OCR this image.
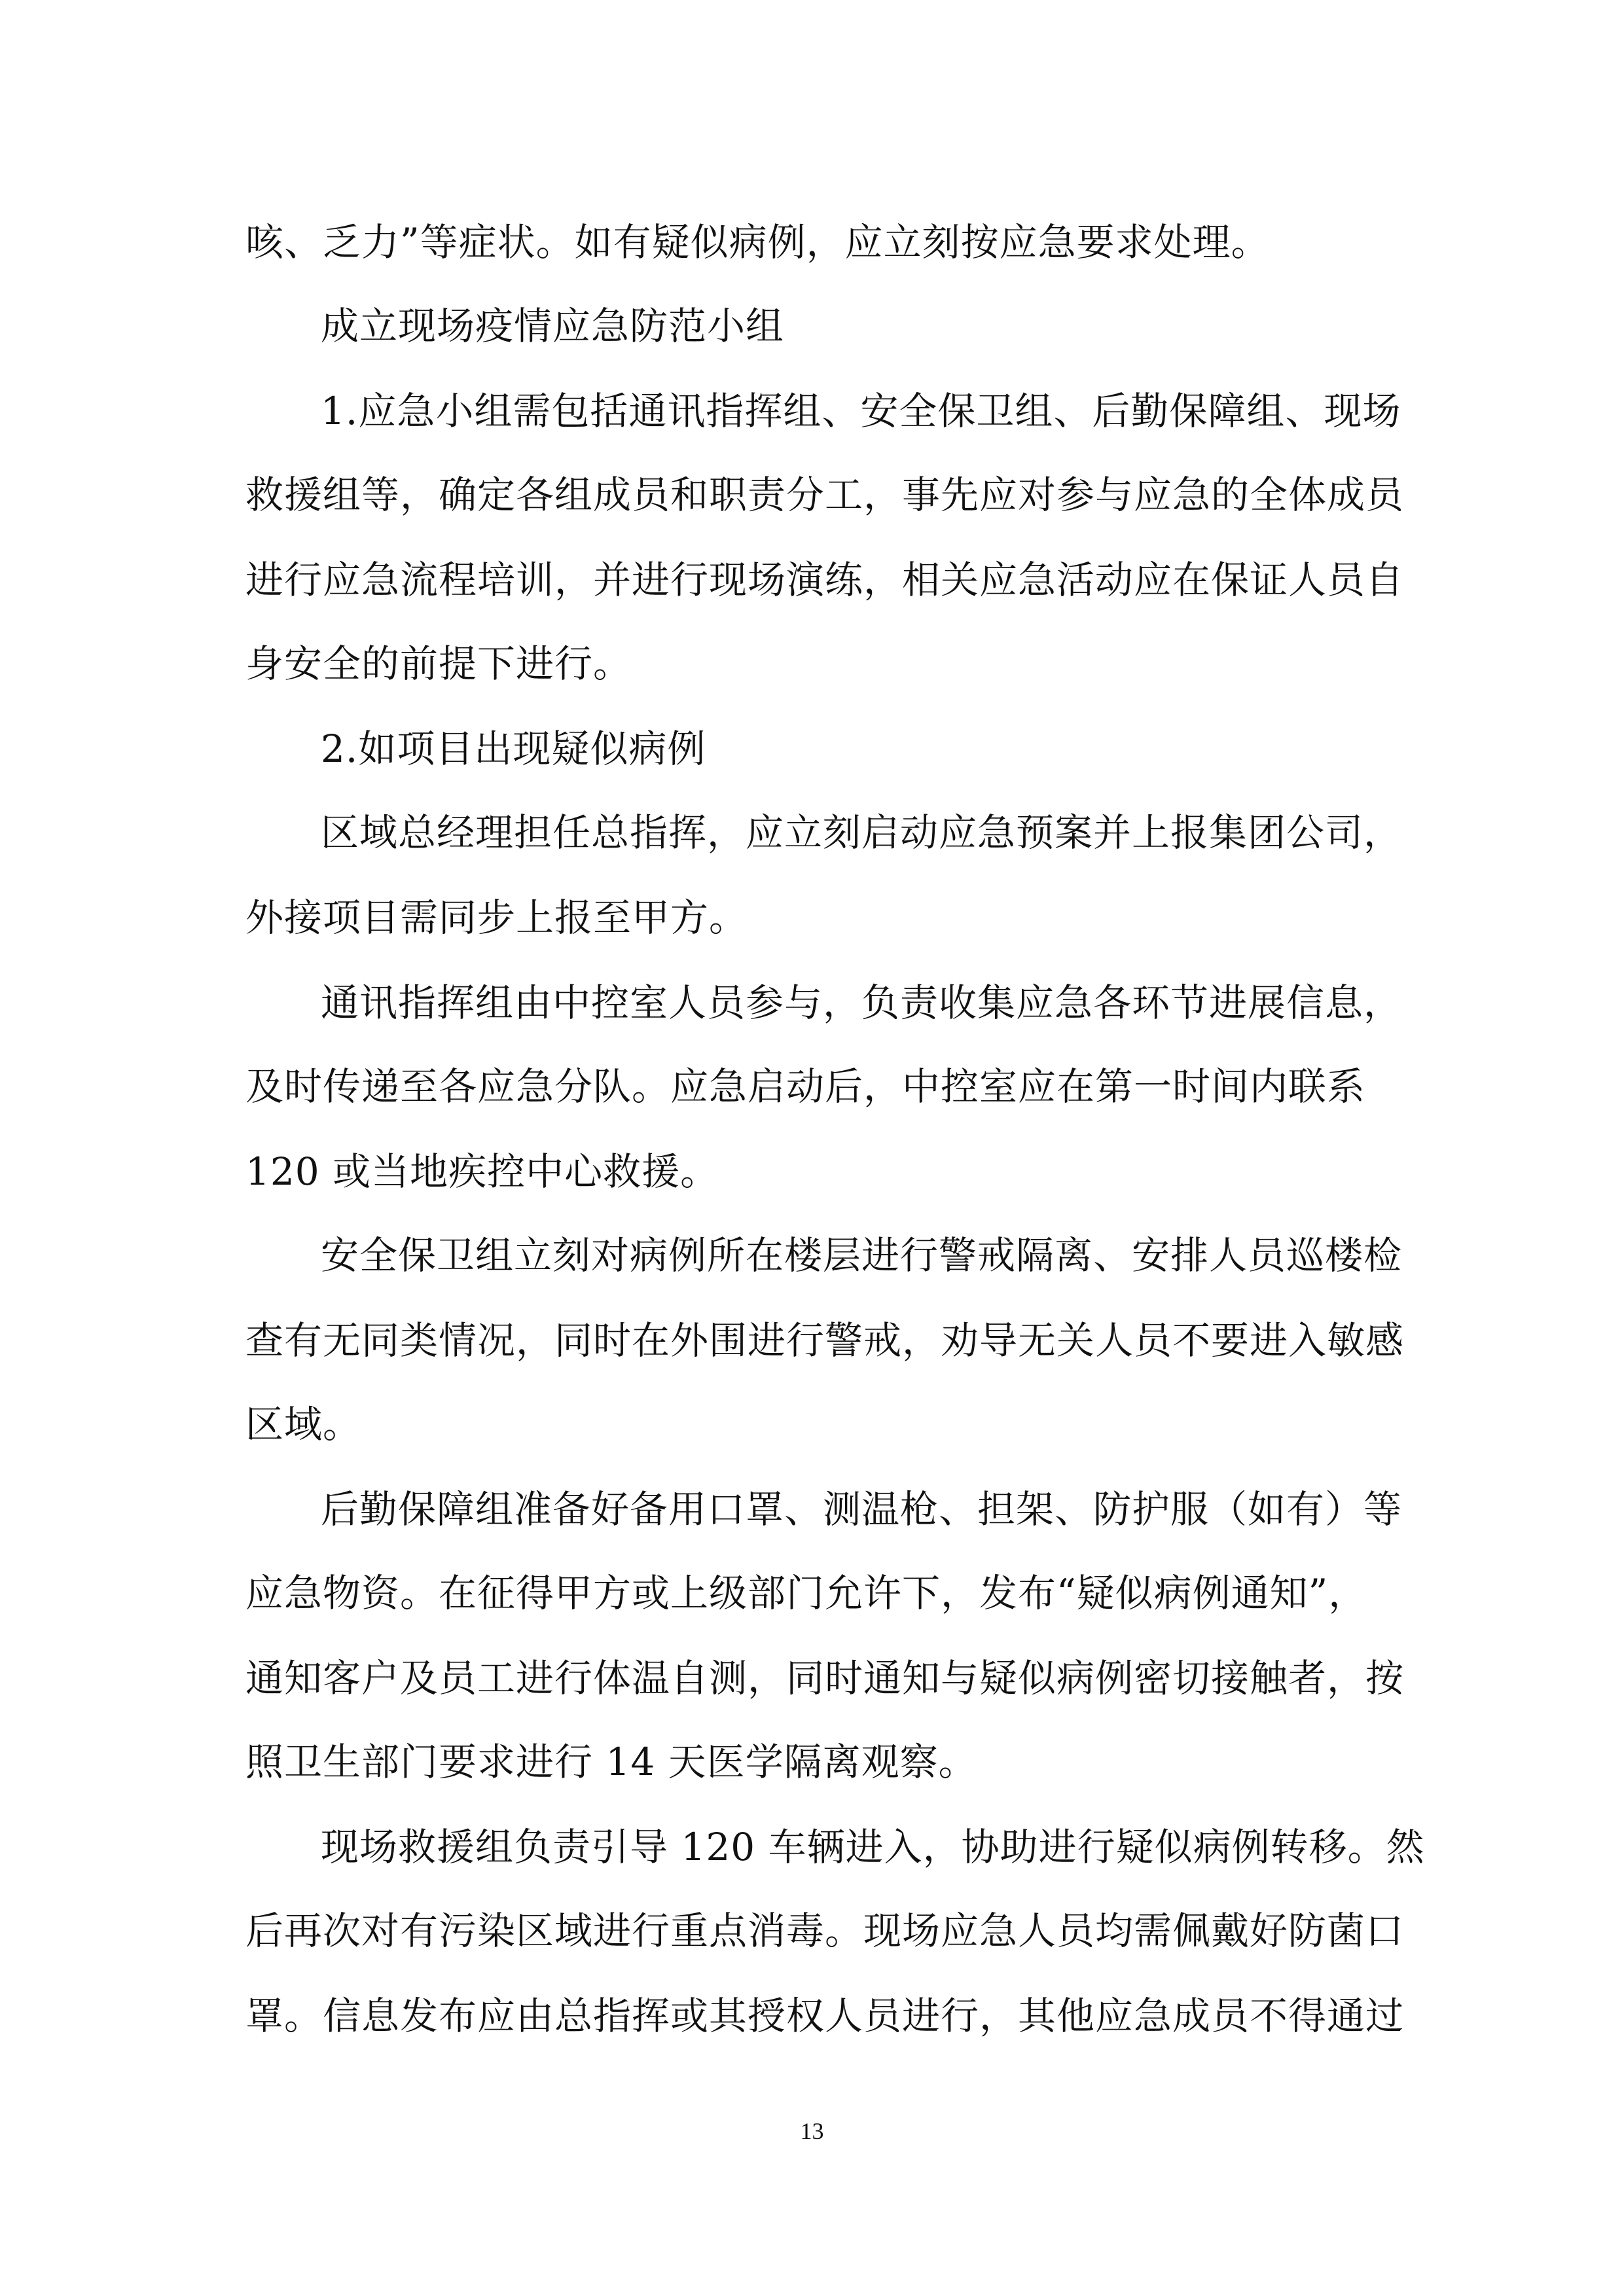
咳、乏力”等症状。如有疑似病例，应立刻按应急要求处理。
成立现场疫情应急防范小组
1.应急小组需包括通讯指挥组、安全保卫组、后勤保障组、现场
救援组等，确定各组成员和职责分工，事先应对参与应急的全体成员
进行应急流程培训，并进行现场演练，相关应急活动应在保证人员自
身安全的前提下进行。
2.如项目出现疑似病例
区域总经理担任总指挥，应立刻启动应急预案并上报集团公司，
外接项目需同步上报至甲方。
通讯指挥组由中控室人员参与，负责收集应急各环节进展信息，
及时传递至各应急分队。应急启动后，中控室应在第一时间内联系
120 或当地疾控中心救援。
安全保卫组立刻对病例所在楼层进行警戒隔离、安排人员巡楼检
查有无同类情况，同时在外围进行警戒，劝导无关人员不要进入敏感
区域。
后勤保障组准备好备用口罩、测温枪、担架、防护服（如有）等
应急物资。在征得甲方或上级部门允许下，发布“疑似病例通知”，
通知客户及员工进行体温自测，同时通知与疑似病例密切接触者，按
照卫生部门要求进行 14 天医学隔离观察。
现场救援组负责引导 120 车辆进入，协助进行疑似病例转移。然
后再次对有污染区域进行重点消毒。现场应急人员均需佩戴好防菌口
罩。信息发布应由总指挥或其授权人员进行，其他应急成员不得通过
13
